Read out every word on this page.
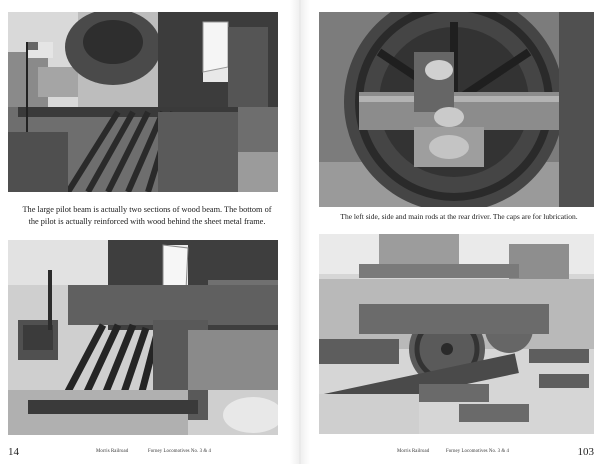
The large pilot beam is actually two sections of wood beam. The bottom of the pilot is actually reinforced with wood behind the sheet metal frame.
14	Morris Railroad	Forney Locomotives No. 3 & 4
The left side, side and main rods at the rear driver. The caps are for lubrication.
Morris Railroad	Forney Locomotives No. 3 & 4	103
